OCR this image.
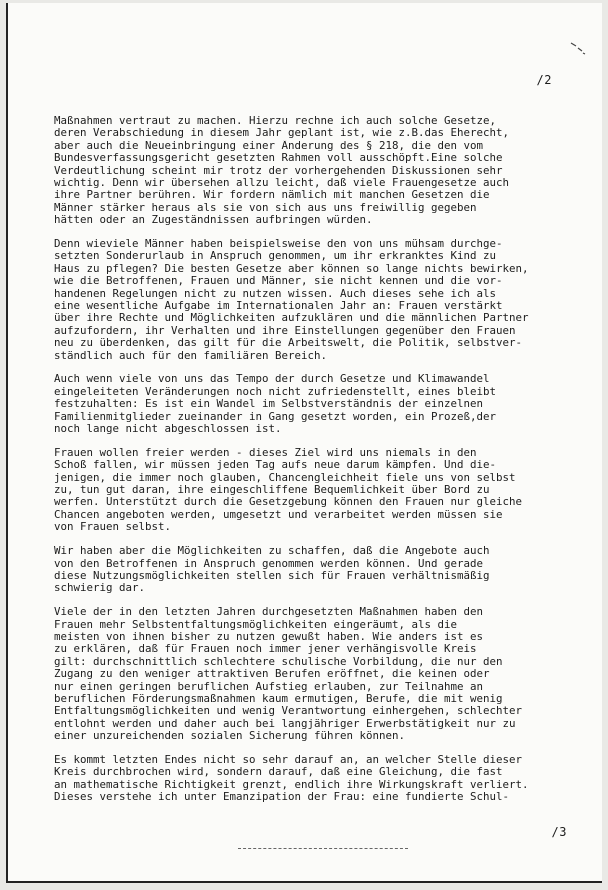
/2
Maßnahmen vertraut zu machen. Hierzu rechne ich auch solche Gesetze,
deren Verabschiedung in diesem Jahr geplant ist, wie z.B.das Eherecht,
aber auch die Neueinbringung einer Änderung des § 218, die den vom
Bundesverfassungsgericht gesetzten Rahmen voll ausschöpft.Eine solche
Verdeutlichung scheint mir trotz der vorhergehenden Diskussionen sehr
wichtig. Denn wir übersehen allzu leicht, daß viele Frauengesetze auch
ihre Partner berühren. Wir fordern nämlich mit manchen Gesetzen die
Männer stärker heraus als sie von sich aus uns freiwillig gegeben
hätten oder an Zugeständnissen aufbringen würden.
Denn wieviele Männer haben beispielsweise den von uns mühsam durchge-
setzten Sonderurlaub in Anspruch genommen, um ihr erkranktes Kind zu
Haus zu pflegen? Die besten Gesetze aber können so lange nichts bewirken,
wie die Betroffenen, Frauen und Männer, sie nicht kennen und die vor-
handenen Regelungen nicht zu nutzen wissen. Auch dieses sehe ich als
eine wesentliche Aufgabe im Internationalen Jahr an: Frauen verstärkt
über ihre Rechte und Möglichkeiten aufzuklären und die männlichen Partner
aufzufordern, ihr Verhalten und ihre Einstellungen gegenüber den Frauen
neu zu überdenken, das gilt für die Arbeitswelt, die Politik, selbstver-
ständlich auch für den familiären Bereich.
Auch wenn viele von uns das Tempo der durch Gesetze und Klimawandel
eingeleiteten Veränderungen noch nicht zufriedenstellt, eines bleibt
festzuhalten: Es ist ein Wandel im Selbstverständnis der einzelnen
Familienmitglieder zueinander in Gang gesetzt worden, ein Prozeß,der
noch lange nicht abgeschlossen ist.
Frauen wollen freier werden - dieses Ziel wird uns niemals in den
Schoß fallen, wir müssen jeden Tag aufs neue darum kämpfen. Und die-
jenigen, die immer noch glauben, Chancengleichheit fiele uns von selbst
zu, tun gut daran, ihre eingeschliffene Bequemlichkeit über Bord zu
werfen. Unterstützt durch die Gesetzgebung können den Frauen nur gleiche
Chancen angeboten werden, umgesetzt und verarbeitet werden müssen sie
von Frauen selbst.
Wir haben aber die Möglichkeiten zu schaffen, daß die Angebote auch
von den Betroffenen in Anspruch genommen werden können. Und gerade
diese Nutzungsmöglichkeiten stellen sich für Frauen verhältnismäßig
schwierig dar.
Viele der in den letzten Jahren durchgesetzten Maßnahmen haben den
Frauen mehr Selbstentfaltungsmöglichkeiten eingeräumt, als die
meisten von ihnen bisher zu nutzen gewußt haben. Wie anders ist es
zu erklären, daß für Frauen noch immer jener verhängisvolle Kreis
gilt: durchschnittlich schlechtere schulische Vorbildung, die nur den
Zugang zu den weniger attraktiven Berufen eröffnet, die keinen oder
nur einen geringen beruflichen Aufstieg erlauben, zur Teilnahme an
beruflichen Förderungsmaßnahmen kaum ermutigen, Berufe, die mit wenig
Entfaltungsmöglichkeiten und wenig Verantwortung einhergehen, schlechter
entlohnt werden und daher auch bei langjähriger Erwerbstätigkeit nur zu
einer unzureichenden sozialen Sicherung führen können.
Es kommt letzten Endes nicht so sehr darauf an, an welcher Stelle dieser
Kreis durchbrochen wird, sondern darauf, daß eine Gleichung, die fast
an mathematische Richtigkeit grenzt, endlich ihre Wirkungskraft verliert.
Dieses verstehe ich unter Emanzipation der Frau: eine fundierte Schul-
/3
